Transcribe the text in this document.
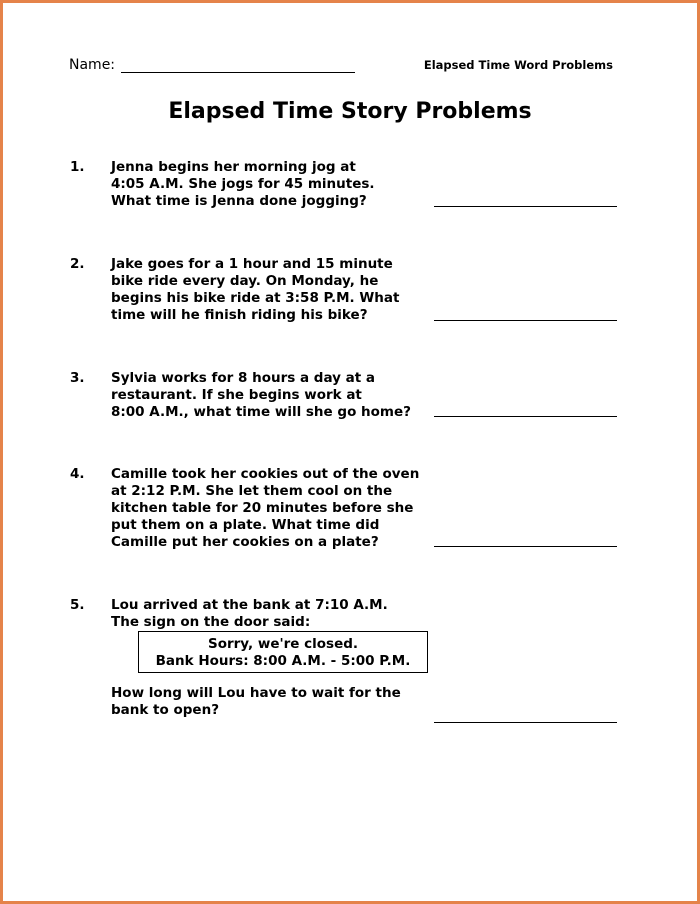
Name:	Elapsed Time Word Problems
Elapsed Time Story Problems
1. Jenna begins her morning jog at
4:05 A.M. She jogs for 45 minutes.
What time is Jenna done jogging?
2. Jake goes for a 1 hour and 15 minute
bike ride every day. On Monday, he
begins his bike ride at 3:58 P.M. What
time will he finish riding his bike?
3. Sylvia works for 8 hours a day at a
restaurant. If she begins work at
8:00 A.M., what time will she go home?
4. Camille took her cookies out of the oven
at 2:12 P.M. She let them cool on the
kitchen table for 20 minutes before she
put them on a plate. What time did
Camille put her cookies on a plate?
5. Lou arrived at the bank at 7:10 A.M.
The sign on the door said:
Sorry, we're closed.
Bank Hours: 8:00 A.M. - 5:00 P.M.
How long will Lou have to wait for the
bank to open?
